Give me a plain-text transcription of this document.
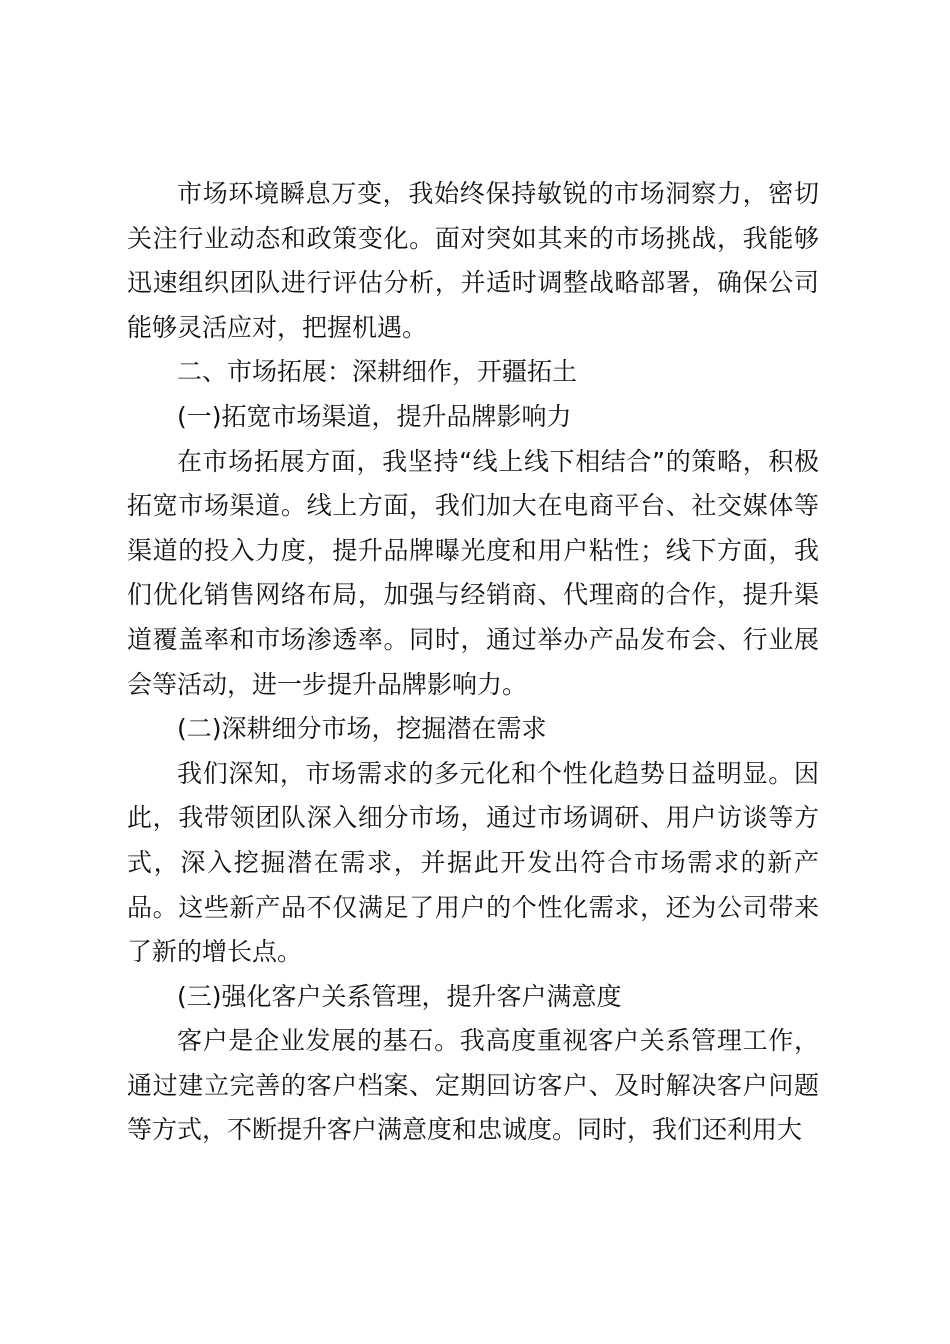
市场环境瞬息万变，我始终保持敏锐的市场洞察力，密切关注行业动态和政策变化。面对突如其来的市场挑战，我能够迅速组织团队进行评估分析，并适时调整战略部署，确保公司能够灵活应对，把握机遇。

二、市场拓展：深耕细作，开疆拓土

(一)拓宽市场渠道，提升品牌影响力

在市场拓展方面，我坚持“线上线下相结合”的策略，积极拓宽市场渠道。线上方面，我们加大在电商平台、社交媒体等渠道的投入力度，提升品牌曝光度和用户粘性；线下方面，我们优化销售网络布局，加强与经销商、代理商的合作，提升渠道覆盖率和市场渗透率。同时，通过举办产品发布会、行业展会等活动，进一步提升品牌影响力。

(二)深耕细分市场，挖掘潜在需求

我们深知，市场需求的多元化和个性化趋势日益明显。因此，我带领团队深入细分市场，通过市场调研、用户访谈等方式，深入挖掘潜在需求，并据此开发出符合市场需求的新产品。这些新产品不仅满足了用户的个性化需求，还为公司带来了新的增长点。

(三)强化客户关系管理，提升客户满意度

客户是企业发展的基石。我高度重视客户关系管理工作，通过建立完善的客户档案、定期回访客户、及时解决客户问题等方式，不断提升客户满意度和忠诚度。同时，我们还利用大
